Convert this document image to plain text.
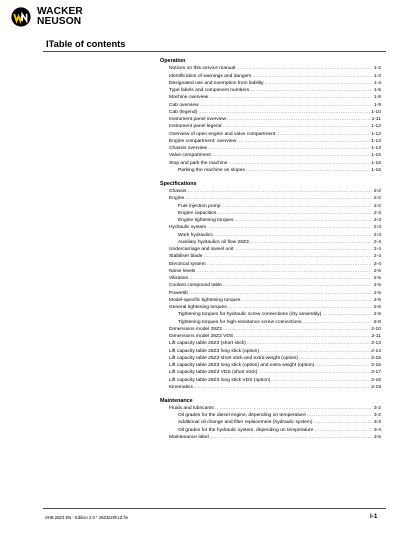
WACKER
NEUSON
ITable of contents
Operation
Notices on this service manual .....	1-2
Identification of warnings and dangers .....	1-3
Designated use and exemption from liability .....	1-4
Type labels and component numbers .....	1-5
Machine overview .....	1-8
Cab overview .....	1-9
Cab (legend) .....	1-10
Instrument panel overview .....	1-11
Instrument panel legend .....	1-12
Overview of open engine and valve compartment .....	1-12
Engine compartment: overview .....	1-13
Chassis overview .....	1-14
Valve compartment .....	1-15
Stop and park the machine .....	1-16
Parking the machine on slopes .....	1-16
Specifications
Chassis .....	2-2
Engine .....	2-2
Fuel injection pump .....	2-2
Engine capacities .....	2-3
Engine tightening torques .....	2-3
Hydraulic system .....	2-3
Work hydraulics .....	2-3
Auxiliary hydraulics oil flow 28Z3 .....	2-4
Undercarriage and swivel unit .....	2-4
Stabiliser blade .....	2-4
Electrical system .....	2-4
Noise levels .....	2-5
Vibration .....	2-5
Coolant compound table .....	2-5
Powertilt .....	2-5
Model-specific tightening torques .....	2-6
General tightening torques .....	2-6
Tightening torques for hydraulic screw connections (dry assembly) .....	2-6
Tightening torques for high-resistance screw connections .....	2-8
Dimensions model 28Z3 .....	2-10
Dimensions model 28Z3 VDS .....	2-11
Lift capacity table 28Z3 (short stick) .....	2-13
Lift capacity table 28Z3 long stick (option) .....	2-14
Lift capacity table 28Z3 short stick and extra weight (option) .....	2-15
Lift capacity table 28Z3 long stick (option) and extra weight (option) .....	2-16
Lift capacity table 28Z3 VDS (short stick) .....	2-17
Lift capacity table 28Z3 long stick VDS (option) .....	2-18
Kinematics .....	2-19
Maintenance
Fluids and lubricants .....	3-2
Oil grades for the diesel engine, depending on temperature .....	3-2
Additional oil change and filter replacement (hydraulic system) .....	3-3
Oil grades for the hydraulic system, depending on temperature .....	3-4
Maintenance label .....	3-5
SHB 28Z3 EN - Edition 2.0 * 28Z3s20h1Z.fm	I-1
